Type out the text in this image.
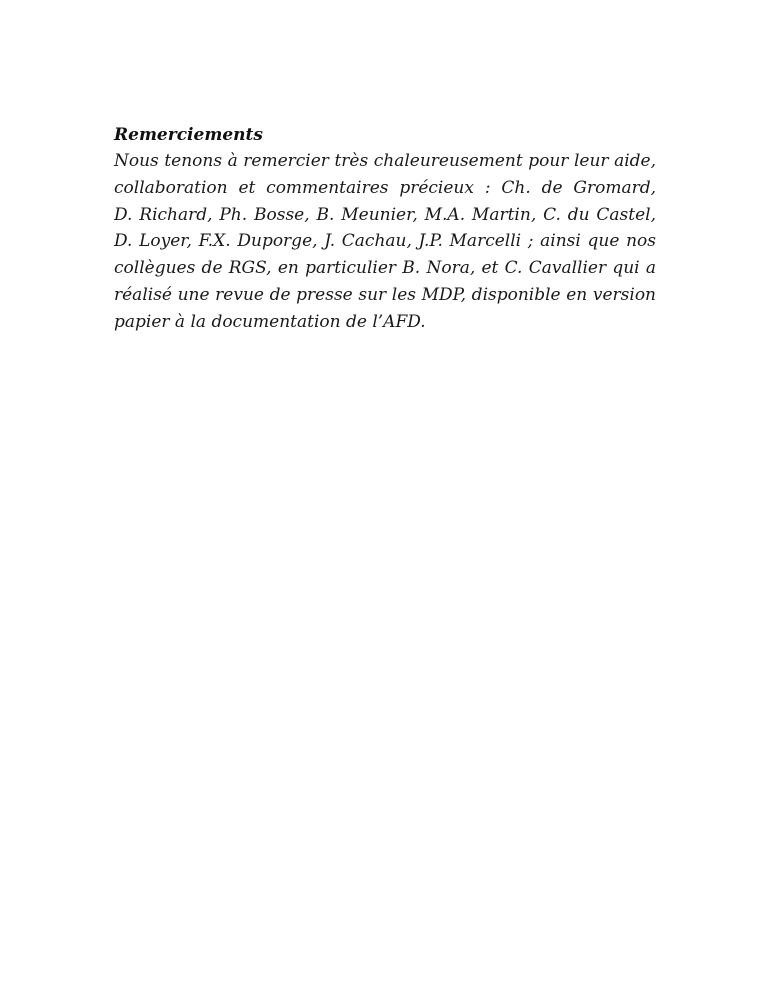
Remerciements

Nous tenons à remercier très chaleureusement pour leur aide,
collaboration et commentaires précieux : Ch. de Gromard,
D. Richard, Ph. Bosse, B. Meunier, M.A. Martin, C. du Castel,
D. Loyer, F.X. Duporge, J. Cachau, J.P. Marcelli ; ainsi que nos
collègues de RGS, en particulier B. Nora, et C. Cavallier qui a
réalisé une revue de presse sur les MDP, disponible en version
papier à la documentation de l’AFD.
